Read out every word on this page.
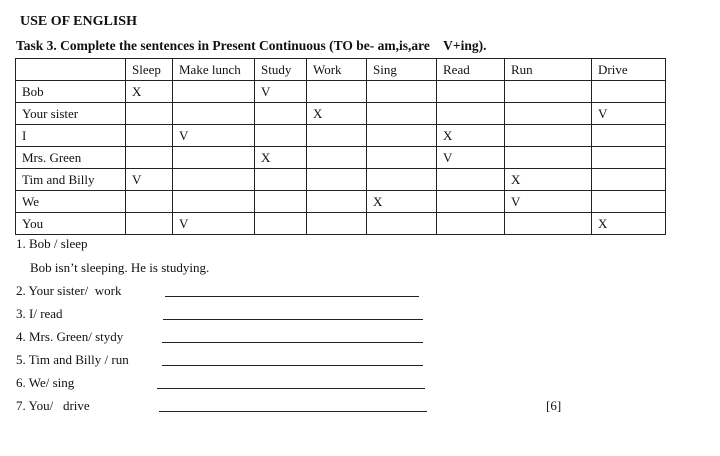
USE OF ENGLISH
Task 3. Complete the sentences in Present Continuous (TO be- am,is,are    V+ing).
	Sleep	Make lunch	Study	Work	Sing	Read	Run	Drive
Bob	X		V					
Your sister				X				V
I		V				X		
Mrs. Green			X			V		
Tim and Billy	V						X	
We					X		V	
You		V						X
1. Bob / sleep
Bob isn’t sleeping. He is studying.
2. Your sister/  work
3. I/ read
4. Mrs. Green/ stydy
5. Tim and Billy / run
6. We/ sing
7. You/   drive	[6]
